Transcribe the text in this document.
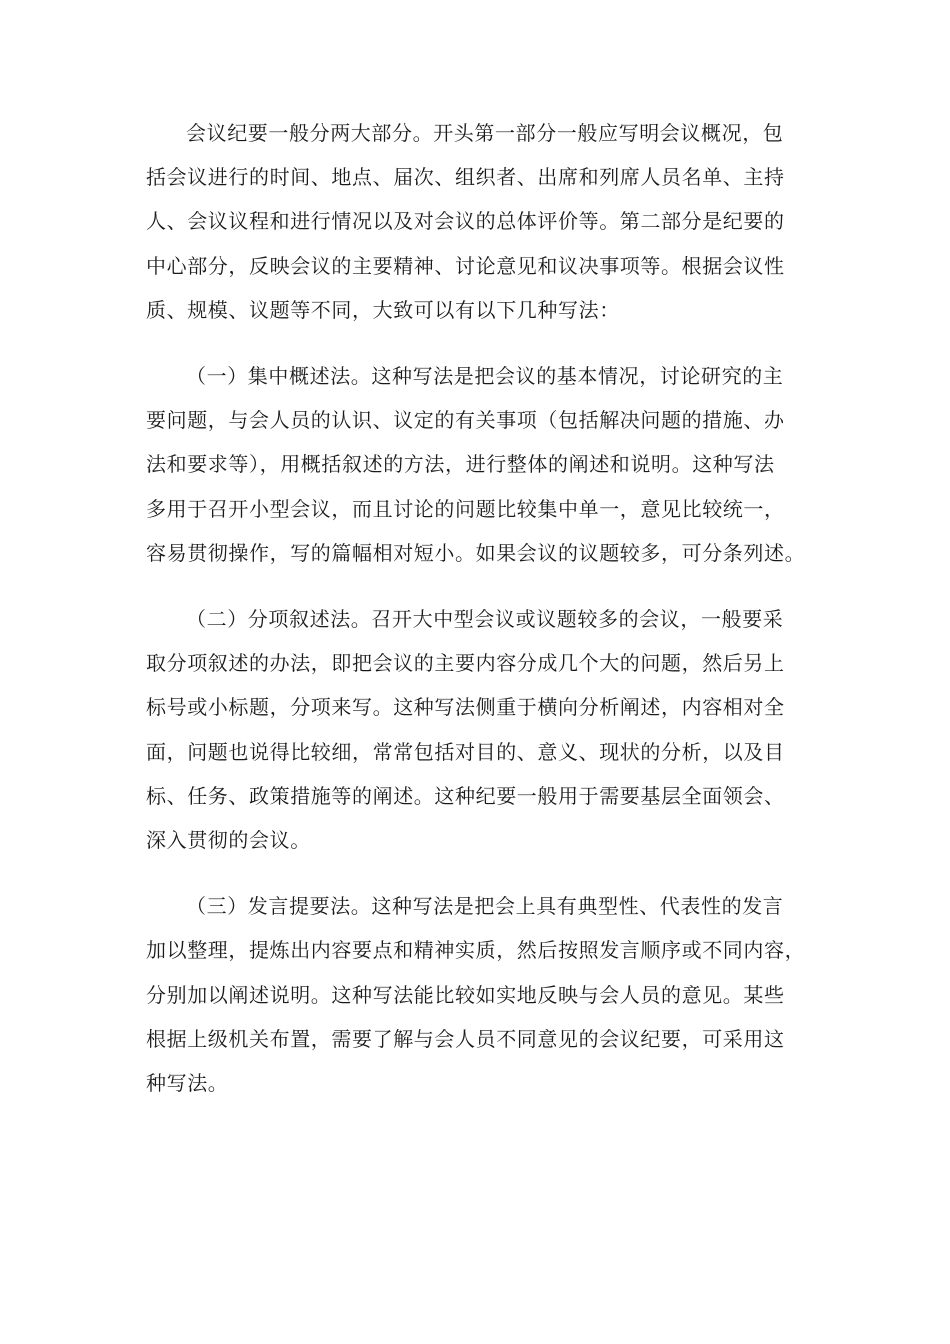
会议纪要一般分两大部分。开头第一部分一般应写明会议概况，包
括会议进行的时间、地点、届次、组织者、出席和列席人员名单、主持
人、会议议程和进行情况以及对会议的总体评价等。第二部分是纪要的
中心部分，反映会议的主要精神、讨论意见和议决事项等。根据会议性
质、规模、议题等不同，大致可以有以下几种写法：

（一）集中概述法。这种写法是把会议的基本情况，讨论研究的主
要问题，与会人员的认识、议定的有关事项（包括解决问题的措施、办
法和要求等），用概括叙述的方法，进行整体的阐述和说明。这种写法
多用于召开小型会议，而且讨论的问题比较集中单一，意见比较统一，
容易贯彻操作，写的篇幅相对短小。如果会议的议题较多，可分条列述。

（二）分项叙述法。召开大中型会议或议题较多的会议，一般要采
取分项叙述的办法，即把会议的主要内容分成几个大的问题，然后另上
标号或小标题，分项来写。这种写法侧重于横向分析阐述，内容相对全
面，问题也说得比较细，常常包括对目的、意义、现状的分析，以及目
标、任务、政策措施等的阐述。这种纪要一般用于需要基层全面领会、
深入贯彻的会议。

（三）发言提要法。这种写法是把会上具有典型性、代表性的发言
加以整理，提炼出内容要点和精神实质，然后按照发言顺序或不同内容，
分别加以阐述说明。这种写法能比较如实地反映与会人员的意见。某些
根据上级机关布置，需要了解与会人员不同意见的会议纪要，可采用这
种写法。
